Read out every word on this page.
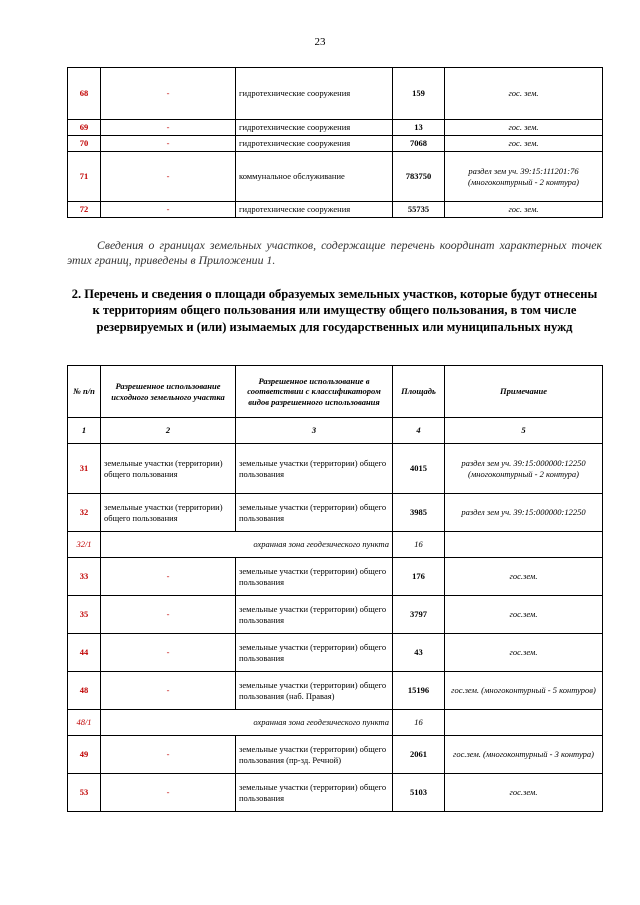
23
68	-	гидротехнические сооружения	159	гос. зем.
69	-	гидротехнические сооружения	13	гос. зем.
70	-	гидротехнические сооружения	7068	гос. зем.
71	-	коммунальное обслуживание	783750	раздел зем уч. 39:15:111201:76 (многоконтурный - 2 контура)
72	-	гидротехнические сооружения	55735	гос. зем.

Сведения о границах земельных участков, содержащие перечень координат характерных точек этих границ, приведены в Приложении 1.

2. Перечень и сведения о площади образуемых земельных участков, которые будут отнесены к территориям общего пользования или имуществу общего пользования, в том числе резервируемых и (или) изымаемых для государственных или муниципальных нужд
№ п/п	Разрешенное использование исходного земельного участка	Разрешенное использование в соответствии с классификатором видов разрешенного использования	Площадь	Примечание
1	2	3	4	5
31	земельные участки (территории) общего пользования	земельные участки (территории) общего пользования	4015	раздел зем уч. 39:15:000000:12250 (многоконтурный - 2 контура)
32	земельные участки (территории) общего пользования	земельные участки (территории) общего пользования	3985	раздел зем уч. 39:15:000000:12250
32/1	охранная зона геодезического пункта		16	
33	-	земельные участки (территории) общего пользования	176	гос.зем.
35	-	земельные участки (территории) общего пользования	3797	гос.зем.
44	-	земельные участки (территории) общего пользования	43	гос.зем.
48	-	земельные участки (территории) общего пользования (наб. Правая)	15196	гос.зем. (многоконтурный - 5 контуров)
48/1	охранная зона геодезического пункта		16	
49	-	земельные участки (территории) общего пользования (пр-зд. Речной)	2061	гос.зем. (многоконтурный - 3 контура)
53	-	земельные участки (территории) общего пользования	5103	гос.зем.
